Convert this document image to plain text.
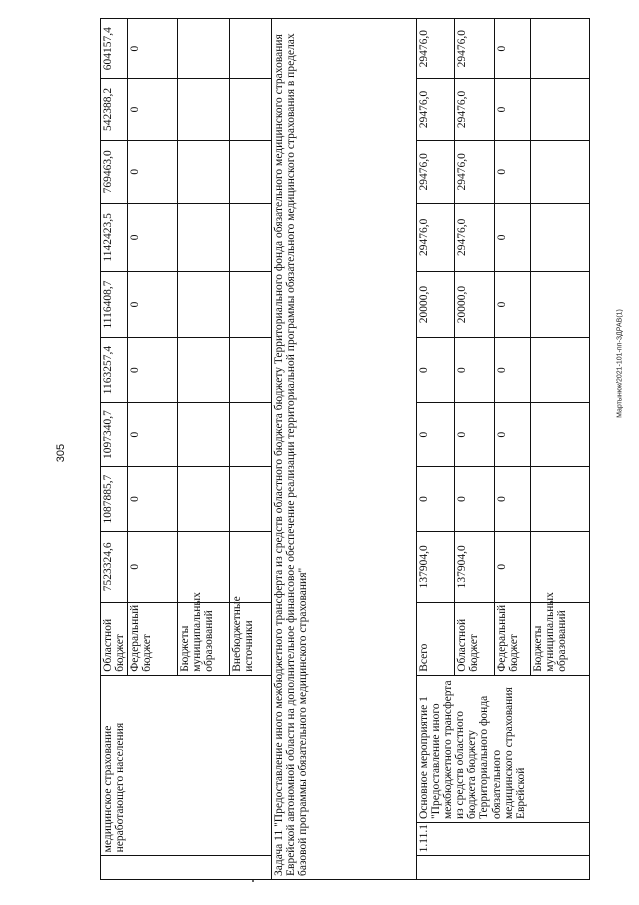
305
Мартынюк/2021-101-пп-ЗДРАВ(1)
	медицинское страхование неработающего населения		Областной бюджет	7523324,6	1087885,7	1097340,7	1163257,4	1116408,7	1142423,5	769463,0	542388,2	604157,4
			Федеральный бюджет	0	0	0	0	0	0	0	0	0
			Бюджеты муниципальных образований									
			Внебюджетные источники									
Задача 11 "Предоставление иного межбюджетного трансферта из средств областного бюджета бюджету Территориального фонда обязательного медицинского страхования Еврейской автономной области на дополнительное финансовое обеспечение реализации территориальной программы обязательного медицинского страхования в пределах базовой программы обязательного медицинского страхования"												
	1.11.1	Основное мероприятие 1 "Предоставление иного межбюджетного трансферта из средств областного бюджета бюджету Территориального фонда обязательного медицинского страхования Еврейской	Всего	137904,0	0	0	0	20000,0	29476,0	29476,0	29476,0	29476,0
			Областной бюджет	137904,0	0	0	0	20000,0	29476,0	29476,0	29476,0	29476,0
			Федеральный бюджет	0	0	0	0	0	0	0	0	0
			Бюджеты муниципальных образований									
